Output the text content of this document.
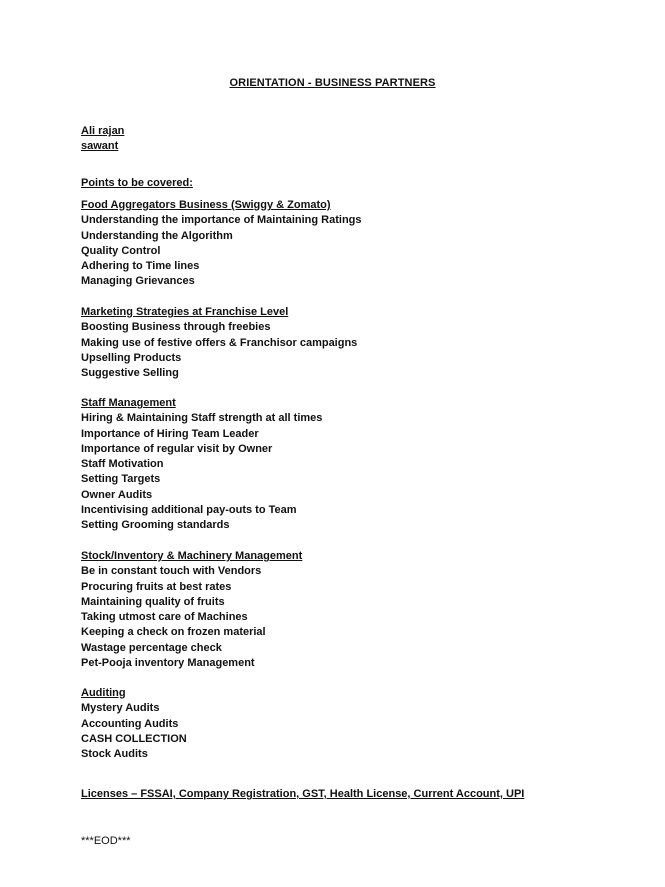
ORIENTATION - BUSINESS PARTNERS
Ali rajan
sawant
Points to be covered:
Food Aggregators Business (Swiggy & Zomato)
Understanding the importance of Maintaining Ratings
Understanding the Algorithm
Quality Control
Adhering to Time lines
Managing Grievances
Marketing Strategies at Franchise Level
Boosting Business through freebies
Making use of festive offers & Franchisor campaigns
Upselling Products
Suggestive Selling
Staff Management
Hiring & Maintaining Staff strength at all times
Importance of Hiring Team Leader
Importance of regular visit by Owner
Staff Motivation
Setting Targets
Owner Audits
Incentivising additional pay-outs to Team
Setting Grooming standards
Stock/Inventory & Machinery Management
Be in constant touch with Vendors
Procuring fruits at best rates
Maintaining quality of fruits
Taking utmost care of Machines
Keeping a check on frozen material
Wastage percentage check
Pet-Pooja inventory Management
Auditing
Mystery Audits
Accounting Audits
CASH COLLECTION
Stock Audits
Licenses – FSSAI, Company Registration, GST, Health License, Current Account, UPI
***EOD***
